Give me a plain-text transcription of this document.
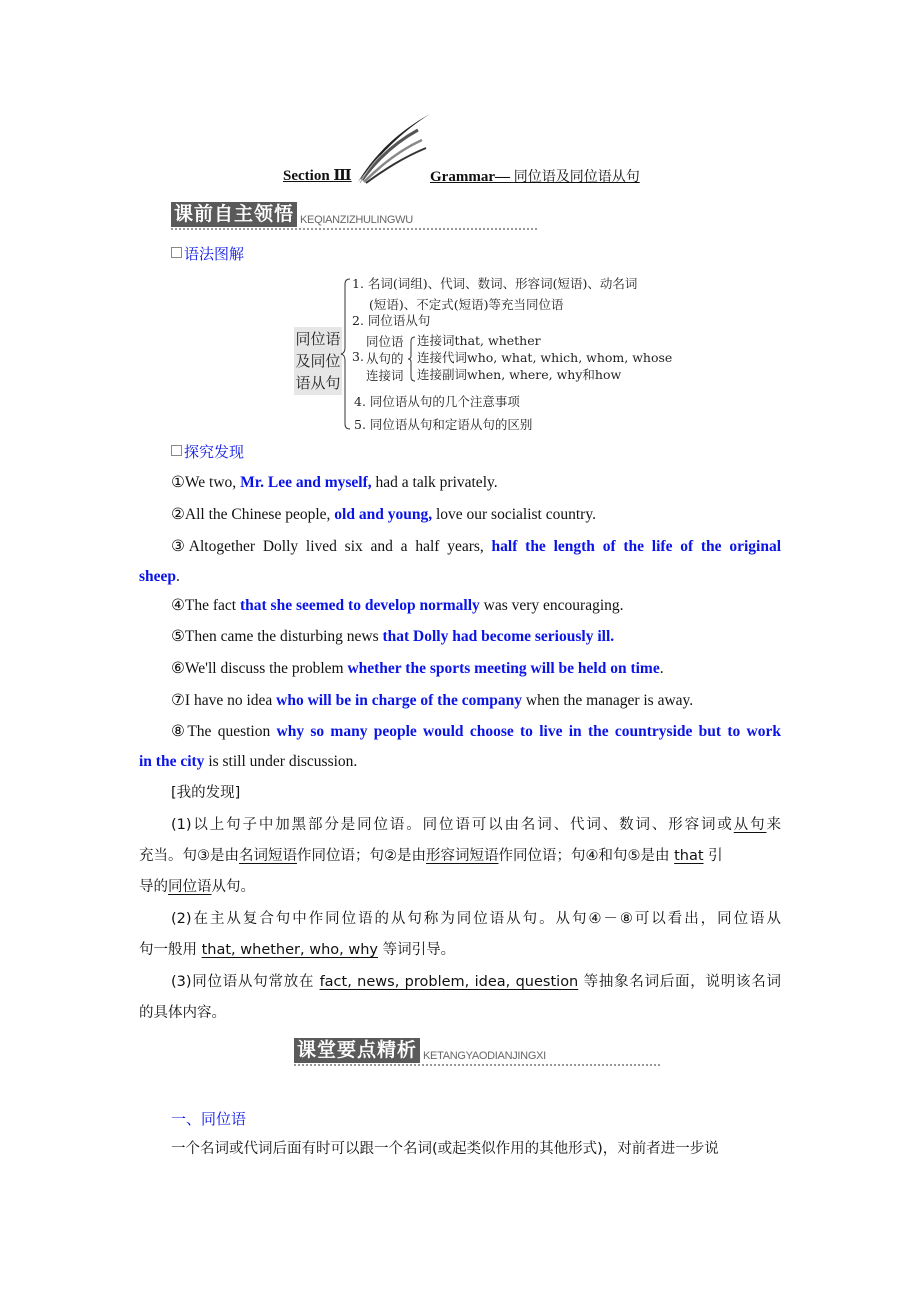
Section Ⅲ	Grammar— 同位语及同位语从句
课前自主领悟 KEQIANZIZHULINGWU
语法图解
同位语
及同位
语从句
1. 名词(词组)、代词、数词、形容词(短语)、动名词
(短语)、不定式(短语)等充当同位语
2. 同位语从句
3.
同位语
从句的
连接词
连接词that, whether
连接代词who, what, which, whom, whose
连接副词when, where, why和how
4. 同位语从句的几个注意事项
5. 同位语从句和定语从句的区别
探究发现
①We two, Mr. Lee and myself, had a talk privately.
②All the Chinese people, old and young, love our socialist country.
③Altogether Dolly lived six and a half years, half the length of the life of the original
sheep.
④The fact that she seemed to develop normally was very encouraging.
⑤Then came the disturbing news that Dolly had become seriously ill.
⑥We'll discuss the problem whether the sports meeting will be held on time.
⑦I have no idea who will be in charge of the company when the manager is away.
⑧The question why so many people would choose to live in the countryside but to work
in the city is still under discussion.
[我的发现]
(1)以上句子中加黑部分是同位语。同位语可以由名词、代词、数词、形容词或从句来
充当。句③是由名词短语作同位语；句②是由形容词短语作同位语；句④和句⑤是由 that 引
导的同位语从句。
(2)在主从复合句中作同位语的从句称为同位语从句。从句④－⑧可以看出，同位语从
句一般用 that, whether, who, why 等词引导。
(3)同位语从句常放在 fact, news, problem, idea, question 等抽象名词后面，说明该名词
的具体内容。
课堂要点精析 KETANGYAODIANJINGXI
一、同位语
一个名词或代词后面有时可以跟一个名词(或起类似作用的其他形式)，对前者进一步说
